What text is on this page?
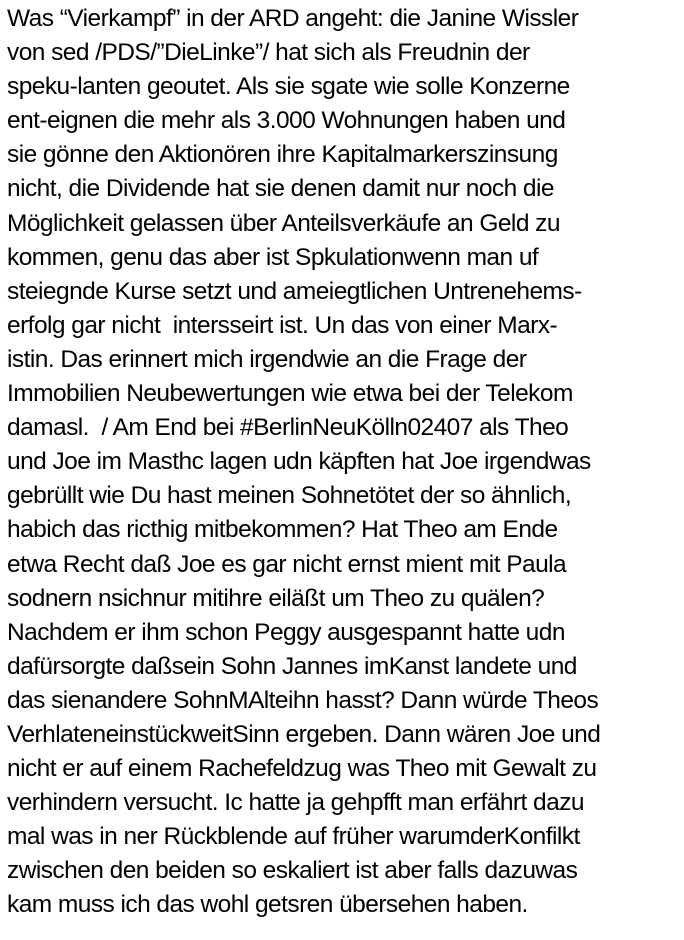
Was “Vierkampf” in der ARD angeht: die Janine Wissler
von sed /PDS/”DieLinke”/ hat sich als Freudnin der
speku-lanten geoutet. Als sie sgate wie solle Konzerne
ent-eignen die mehr als 3.000 Wohnungen haben und
sie gönne den Aktionören ihre Kapitalmarkerszinsung
nicht, die Dividende hat sie denen damit nur noch die
Möglichkeit gelassen über Anteilsverkäufe an Geld zu
kommen, genu das aber ist Spkulationwenn man uf
steiegnde Kurse setzt und ameiegtlichen Untrenehems-
erfolg gar nicht  intersseirt ist. Un das von einer Marx-
istin. Das erinnert mich irgendwie an die Frage der
Immobilien Neubewertungen wie etwa bei der Telekom
damasl.  / Am End bei #BerlinNeuKölln02407 als Theo
und Joe im Masthc lagen udn käpften hat Joe irgendwas
gebrüllt wie Du hast meinen Sohnetötet der so ähnlich,
habich das ricthig mitbekommen? Hat Theo am Ende
etwa Recht daß Joe es gar nicht ernst mient mit Paula
sodnern nsichnur mitihre eiläßt um Theo zu quälen?
Nachdem er ihm schon Peggy ausgespannt hatte udn
dafürsorgte daßsein Sohn Jannes imKanst landete und
das sienandere SohnMAlteihn hasst? Dann würde Theos
VerhlateneinstückweitSinn ergeben. Dann wären Joe und
nicht er auf einem Rachefeldzug was Theo mit Gewalt zu
verhindern versucht. Ic hatte ja gehpfft man erfährt dazu
mal was in ner Rückblende auf früher warumderKonfilkt
zwischen den beiden so eskaliert ist aber falls dazuwas
kam muss ich das wohl getsren übersehen haben.
